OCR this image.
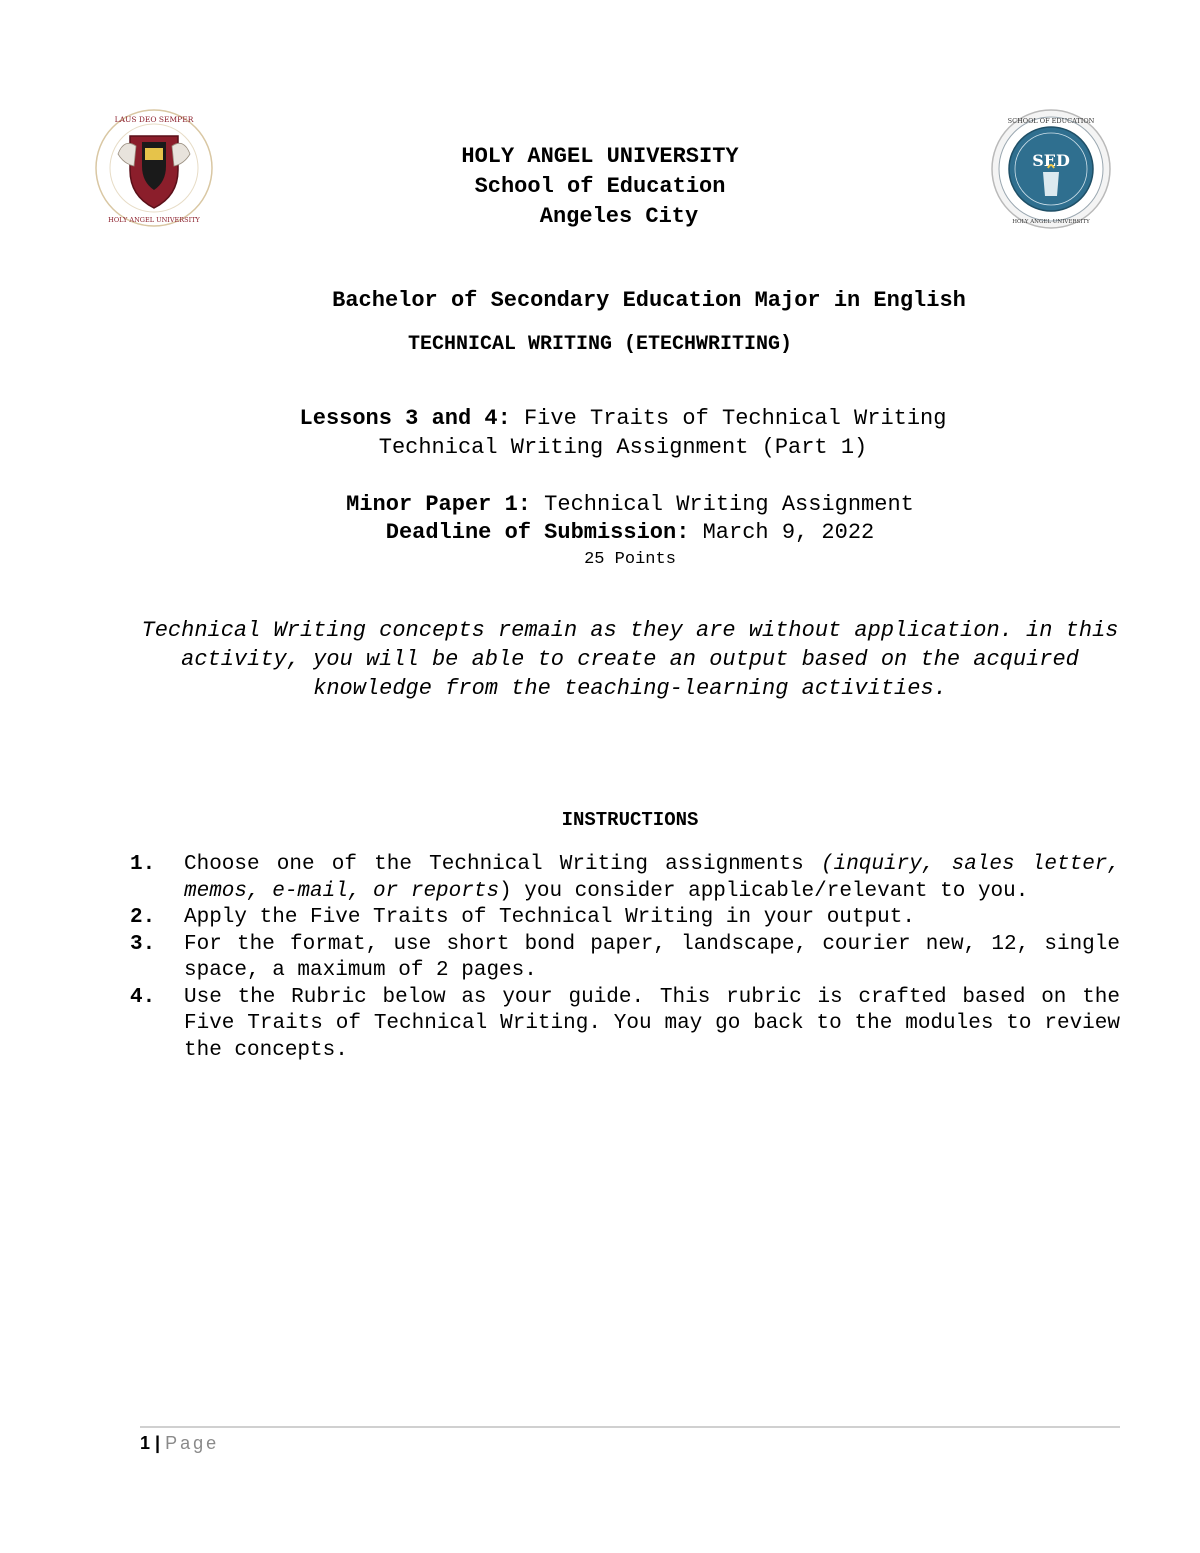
LAUS DEO SEMPER
HOLY ANGEL UNIVERSITY
SED
SCHOOL OF EDUCATION
HOLY ANGEL UNIVERSITY
HOLY ANGEL UNIVERSITY
School of Education
Angeles City
Bachelor of Secondary Education Major in English
TECHNICAL WRITING (ETECHWRITING)
Lessons 3 and 4: Five Traits of Technical Writing
Technical Writing Assignment (Part 1)
Minor Paper 1: Technical Writing Assignment
Deadline of Submission: March 9, 2022
25 Points
Technical Writing concepts remain as they are without application. in this activity, you will be able to create an output based on the acquired knowledge from the teaching-learning activities.
INSTRUCTIONS
1.	Choose one of the Technical Writing assignments (inquiry, sales letter, memos, e-mail, or reports) you consider applicable/relevant to you.
2.	Apply the Five Traits of Technical Writing in your output.
3.	For the format, use short bond paper, landscape, courier new, 12, single space, a maximum of 2 pages.
4.	Use the Rubric below as your guide. This rubric is crafted based on the Five Traits of Technical Writing. You may go back to the modules to review the concepts.
1 | Page
